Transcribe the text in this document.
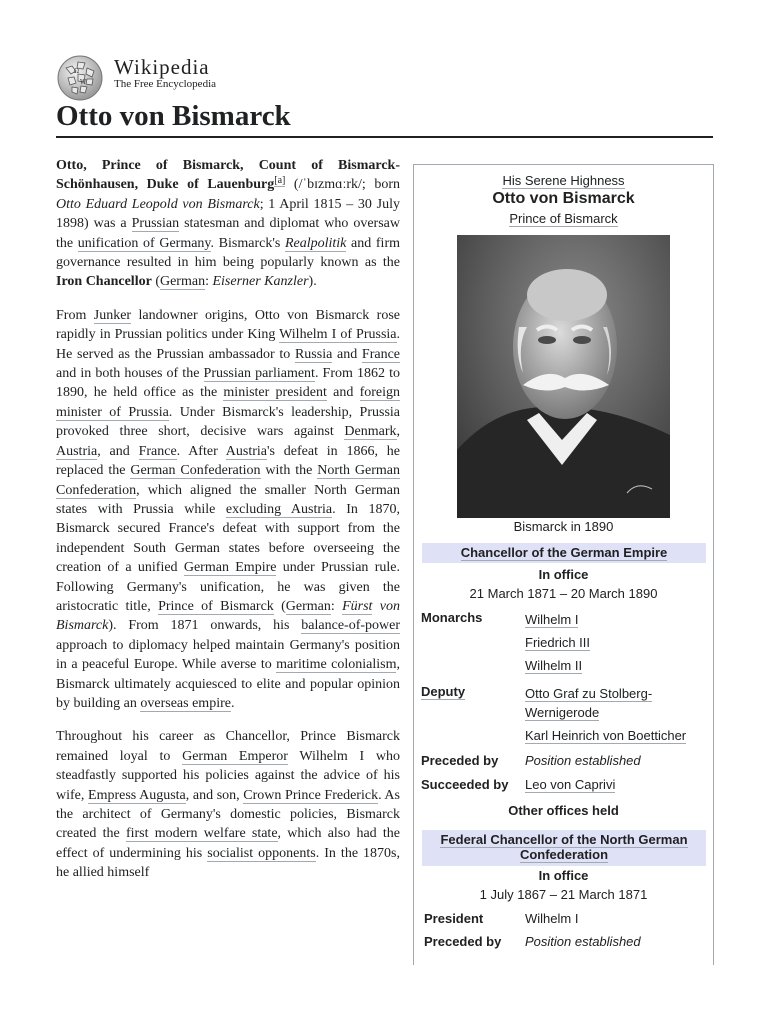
Ω
W
Wikipedia
The Free Encyclopedia
Otto von Bismarck

Otto, Prince of Bismarck, Count of Bismarck-Schönhausen, Duke of Lauenburg[a] (/ˈbɪzmɑːrk/; born Otto Eduard Leopold von Bismarck; 1 April 1815 – 30 July 1898) was a Prussian statesman and diplomat who oversaw the unification of Germany. Bismarck's Realpolitik and firm governance resulted in him being popularly known as the Iron Chancellor (German: Eiserner Kanzler).

From Junker landowner origins, Otto von Bismarck rose rapidly in Prussian politics under King Wilhelm I of Prussia. He served as the Prussian ambassador to Russia and France and in both houses of the Prussian parliament. From 1862 to 1890, he held office as the minister president and foreign minister of Prussia. Under Bismarck's leadership, Prussia provoked three short, decisive wars against Denmark, Austria, and France. After Austria's defeat in 1866, he replaced the German Confederation with the North German Confederation, which aligned the smaller North German states with Prussia while excluding Austria. In 1870, Bismarck secured France's defeat with support from the independent South German states before overseeing the creation of a unified German Empire under Prussian rule. Following Germany's unification, he was given the aristocratic title, Prince of Bismarck (German: Fürst von Bismarck). From 1871 onwards, his balance-of-power approach to diplomacy helped maintain Germany's position in a peaceful Europe. While averse to maritime colonialism, Bismarck ultimately acquiesced to elite and popular opinion by building an overseas empire.

Throughout his career as Chancellor, Prince Bismarck remained loyal to German Emperor Wilhelm I who steadfastly supported his policies against the advice of his wife, Empress Augusta, and son, Crown Prince Frederick. As the architect of Germany's domestic policies, Bismarck created the first modern welfare state, which also had the effect of undermining his socialist opponents. In the 1870s, he allied himself

His Serene Highness
Otto von Bismarck
Prince of Bismarck
Bismarck in 1890
Chancellor of the German Empire
In office
21 March 1871 – 20 March 1890
Monarchs	Wilhelm I
Friedrich III
Wilhelm II
Deputy	Otto Graf zu Stolberg-
Wernigerode
Karl Heinrich von Boetticher
Preceded by Position established
Succeeded by Leo von Caprivi
Other offices held
Federal Chancellor of the North German
Confederation
In office
1 July 1867 – 21 March 1871
President	Wilhelm I
Preceded by Position established
